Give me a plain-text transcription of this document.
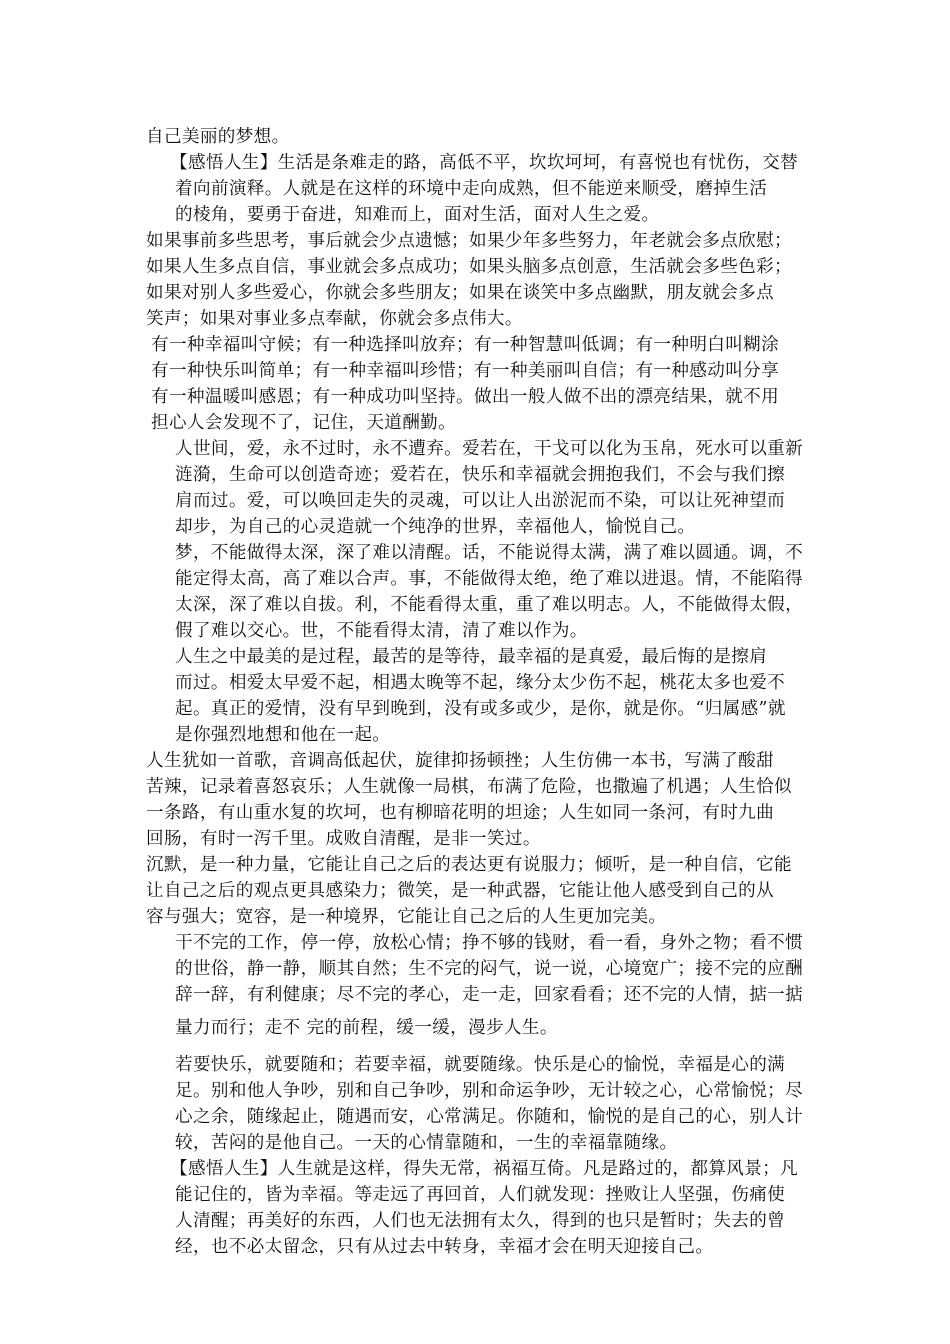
自己美丽的梦想。
【感悟人生】生活是条难走的路，高低不平，坎坎坷坷，有喜悦也有忧伤，交替
着向前演释。人就是在这样的环境中走向成熟，但不能逆来顺受，磨掉生活
的棱角，要勇于奋进，知难而上，面对生活，面对人生之爱。
如果事前多些思考，事后就会少点遗憾；如果少年多些努力，年老就会多点欣慰；
如果人生多点自信，事业就会多点成功；如果头脑多点创意，生活就会多些色彩；
如果对别人多些爱心，你就会多些朋友；如果在谈笑中多点幽默，朋友就会多点
笑声；如果对事业多点奉献，你就会多点伟大。
有一种幸福叫守候；有一种选择叫放弃；有一种智慧叫低调；有一种明白叫糊涂
有一种快乐叫简单；有一种幸福叫珍惜；有一种美丽叫自信；有一种感动叫分享
有一种温暖叫感恩；有一种成功叫坚持。做出一般人做不出的漂亮结果，就不用
担心人会发现不了，记住，天道酬勤。
人世间，爱，永不过时，永不遭弃。爱若在，干戈可以化为玉帛，死水可以重新
涟漪，生命可以创造奇迹；爱若在，快乐和幸福就会拥抱我们，不会与我们擦
肩而过。爱，可以唤回走失的灵魂，可以让人出淤泥而不染，可以让死神望而
却步，为自己的心灵造就一个纯净的世界，幸福他人，愉悦自己。
梦，不能做得太深，深了难以清醒。话，不能说得太满，满了难以圆通。调，不
能定得太高，高了难以合声。事，不能做得太绝，绝了难以进退。情，不能陷得
太深，深了难以自拔。利，不能看得太重，重了难以明志。人，不能做得太假，
假了难以交心。世，不能看得太清，清了难以作为。
人生之中最美的是过程，最苦的是等待，最幸福的是真爱，最后悔的是擦肩
而过。相爱太早爱不起，相遇太晚等不起，缘分太少伤不起，桃花太多也爱不
起。真正的爱情，没有早到晚到，没有或多或少，是你，就是你。“归属感”就
是你强烈地想和他在一起。
人生犹如一首歌，音调高低起伏，旋律抑扬顿挫；人生仿佛一本书，写满了酸甜
苦辣，记录着喜怒哀乐；人生就像一局棋，布满了危险，也撒遍了机遇；人生恰似
一条路，有山重水复的坎坷，也有柳暗花明的坦途；人生如同一条河，有时九曲
回肠，有时一泻千里。成败自清醒，是非一笑过。
沉默，是一种力量，它能让自己之后的表达更有说服力；倾听，是一种自信，它能
让自己之后的观点更具感染力；微笑，是一种武器，它能让他人感受到自己的从
容与强大；宽容，是一种境界，它能让自己之后的人生更加完美。
干不完的工作，停一停，放松心情；挣不够的钱财，看一看，身外之物；看不惯
的世俗，静一静，顺其自然；生不完的闷气，说一说，心境宽广；接不完的应酬
辞一辞，有利健康；尽不完的孝心，走一走，回家看看；还不完的人情，掂一掂
量力而行；走不 完的前程，缓一缓，漫步人生。
若要快乐，就要随和；若要幸福，就要随缘。快乐是心的愉悦，幸福是心的满
足。别和他人争吵，别和自己争吵，别和命运争吵，无计较之心，心常愉悦；尽
心之余，随缘起止，随遇而安，心常满足。你随和，愉悦的是自己的心，别人计
较，苦闷的是他自己。一天的心情靠随和，一生的幸福靠随缘。
【感悟人生】人生就是这样，得失无常，祸福互倚。凡是路过的，都算风景；凡
能记住的，皆为幸福。等走远了再回首，人们就发现：挫败让人坚强，伤痛使
人清醒；再美好的东西，人们也无法拥有太久，得到的也只是暂时；失去的曾
经，也不必太留念，只有从过去中转身，幸福才会在明天迎接自己。
